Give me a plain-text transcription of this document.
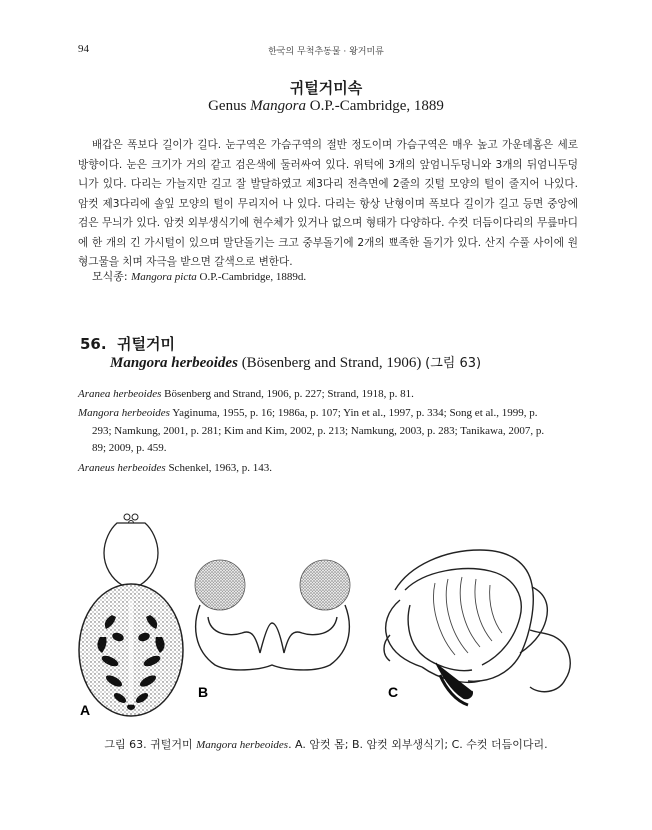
94	한국의 무척추동물 · 왕거미류
귀털거미속
Genus Mangora O.P.-Cambridge, 1889
배갑은 폭보다 길이가 길다. 눈구역은 가슴구역의 절반 정도이며 가슴구역은 매우 높고 가운데홈은 세로 방향이다. 눈은 크기가 거의 같고 검은색에 둘러싸여 있다. 위턱에 3개의 앞엄니두덩니와 3개의 뒤엄니두덩니가 있다. 다리는 가늘지만 길고 잘 발달하였고 제3다리 전측면에 2줄의 깃털 모양의 털이 줄지어 나있다. 암컷 제3다리에 솔잎 모양의 털이 무리지어 나 있다. 다리는 항상 난형이며 폭보다 길이가 길고 등면 중앙에 검은 무늬가 있다. 암컷 외부생식기에 현수체가 있거나 없으며 형태가 다양하다. 수컷 더듬이다리의 무릎마디에 한 개의 긴 가시털이 있으며 말단돌기는 크고 중부돌기에 2개의 뾰족한 돌기가 있다. 산지 수풀 사이에 원형그물을 치며 자극을 받으면 갈색으로 변한다.
모식종: Mangora picta O.P.-Cambridge, 1889d.
56. 귀털거미
Mangora herbeoides (Bösenberg and Strand, 1906) (그림 63)
Aranea herbeoides Bösenberg and Strand, 1906, p. 227; Strand, 1918, p. 81.
Mangora herbeoides Yaginuma, 1955, p. 16; 1986a, p. 107; Yin et al., 1997, p. 334; Song et al., 1999, p.
293; Namkung, 2001, p. 281; Kim and Kim, 2002, p. 213; Namkung, 2003, p. 283; Tanikawa, 2007, p.
89; 2009, p. 459.
Araneus herbeoides Schenkel, 1963, p. 143.
A
B	C
그림 63. 귀털거미 Mangora herbeoides. A. 암컷 몸; B. 암컷 외부생식기; C. 수컷 더듬이다리.
